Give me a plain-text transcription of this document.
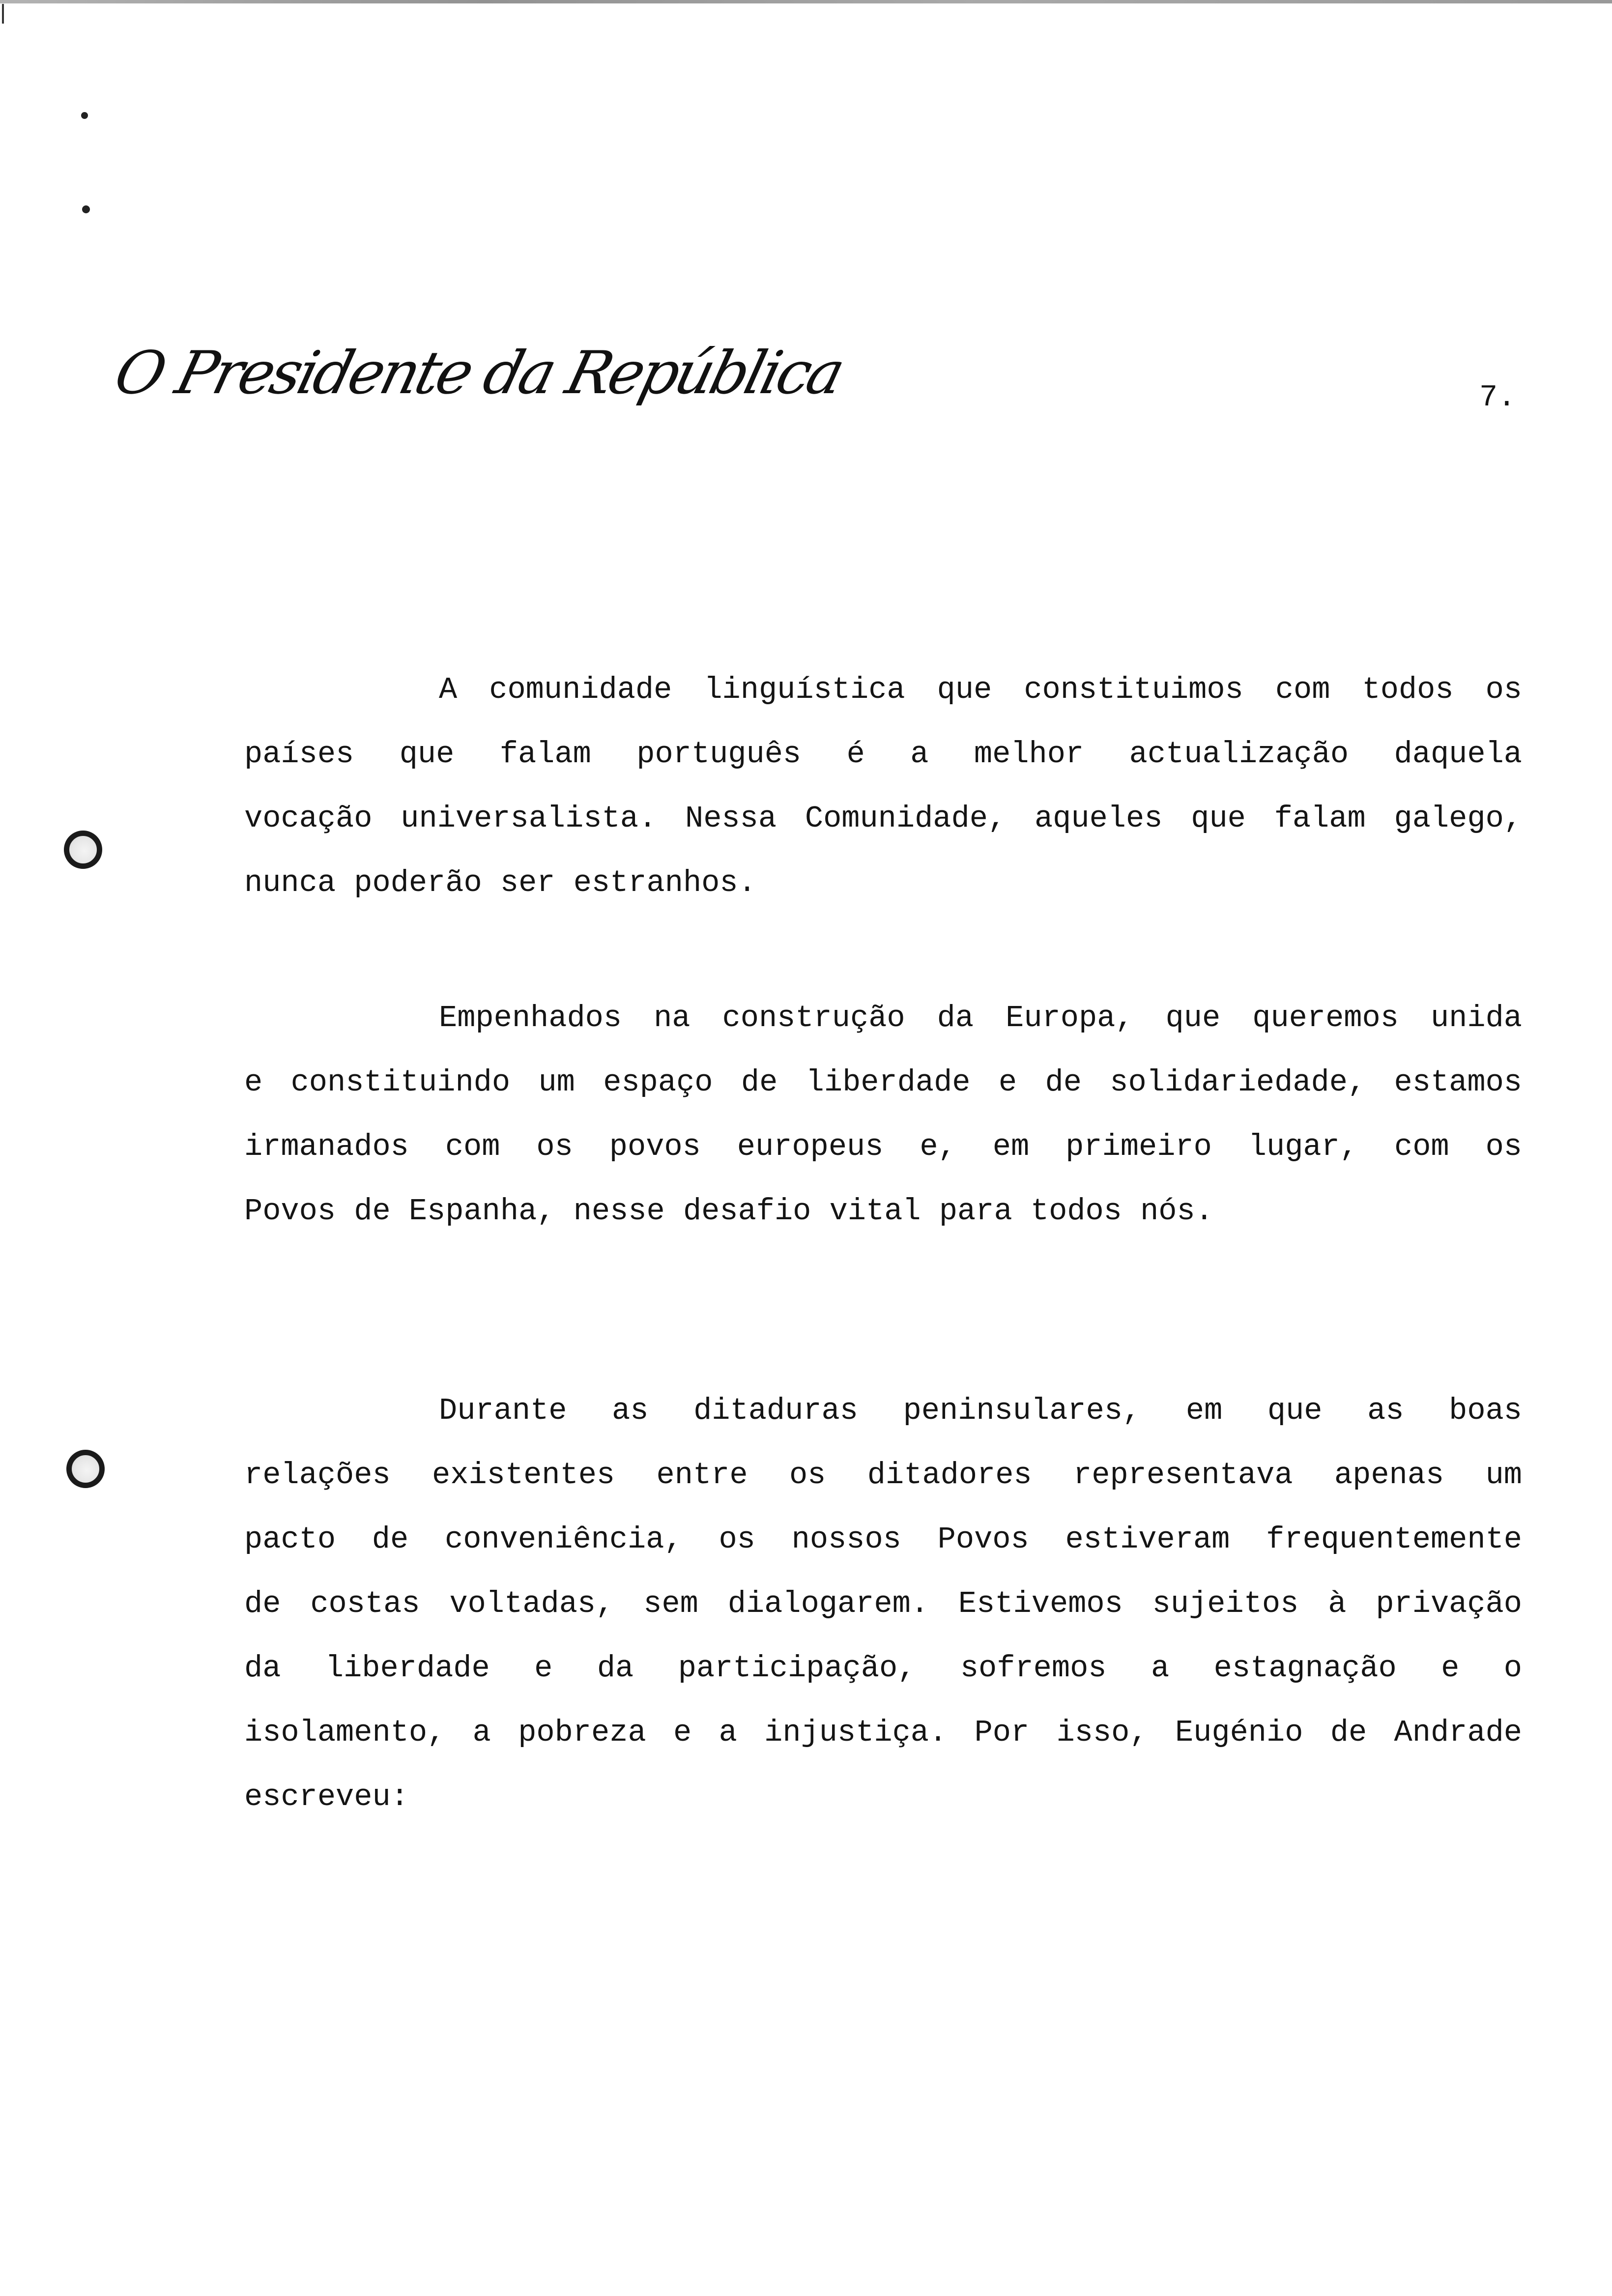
O Presidente da República	7.
A comunidade linguística que constituimos com todos os
países que falam português é a melhor actualização daquela
vocação universalista. Nessa Comunidade, aqueles que falam galego,
nunca poderão ser estranhos.
Empenhados na construção da Europa, que queremos unida
e constituindo um espaço de liberdade e de solidariedade, estamos
irmanados com os povos europeus e, em primeiro lugar, com os
Povos de Espanha, nesse desafio vital para todos nós.
Durante as ditaduras peninsulares, em que as boas
relações existentes entre os ditadores representava apenas um
pacto de conveniência, os nossos Povos estiveram frequentemente
de costas voltadas, sem dialogarem. Estivemos sujeitos à privação
da liberdade e da participação, sofremos a estagnação e o
isolamento, a pobreza e a injustiça. Por isso, Eugénio de Andrade
escreveu:
